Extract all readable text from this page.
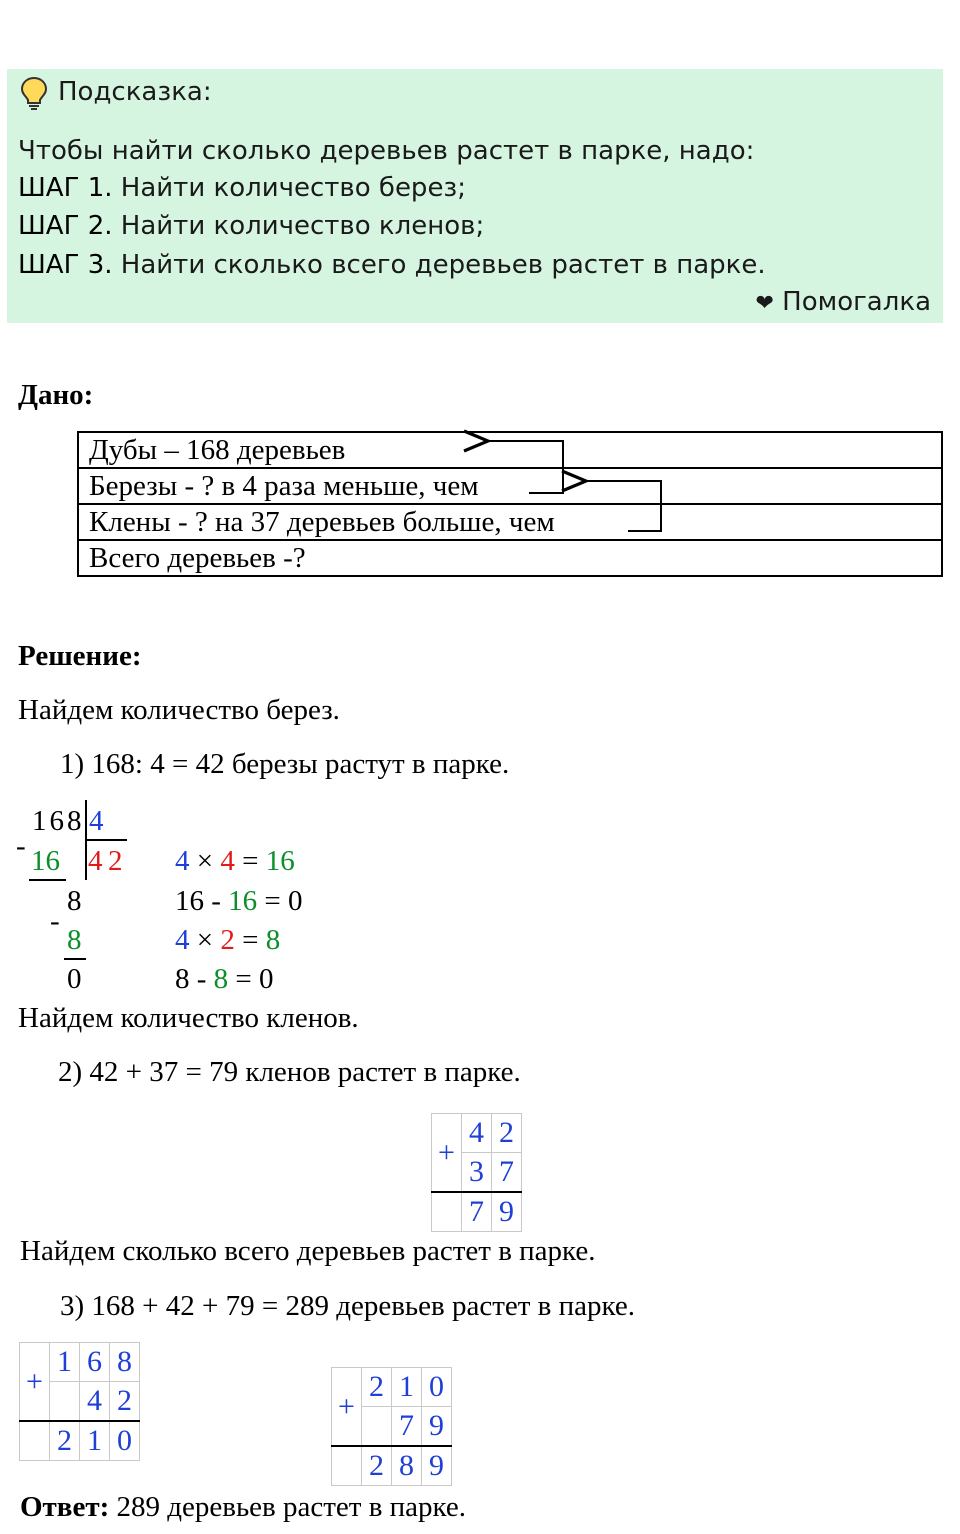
Подсказка:
Чтобы найти сколько деревьев растет в парке, надо:
ШАГ 1. Найти количество берез;
ШАГ 2. Найти количество кленов;
ШАГ 3. Найти сколько всего деревьев растет в парке.
❤ Помогалка
Дано:
Дубы – 168 деревьев
Березы - ? в 4 раза меньше, чем
Клены - ? на 37 деревьев больше, чем
Всего деревьев -?
Решение:
Найдем количество берез.
1) 168: 4 = 42 березы растут в парке.
168 4
- 16 4 2
8
-
8
0
4 × 4 = 16
16 - 16 = 0
4 × 2 = 8
8 - 8 = 0
Найдем количество кленов.
2) 42 + 37 = 79 кленов растет в парке.
+	4	2
	3	7
	7	9
Найдем сколько всего деревьев растет в парке.
3) 168 + 42 + 79 = 289 деревьев растет в парке.
+	1	6	8
		4	2
	2	1	0
+	2	1	0
		7	9
	2	8	9
Ответ: 289 деревьев растет в парке.
